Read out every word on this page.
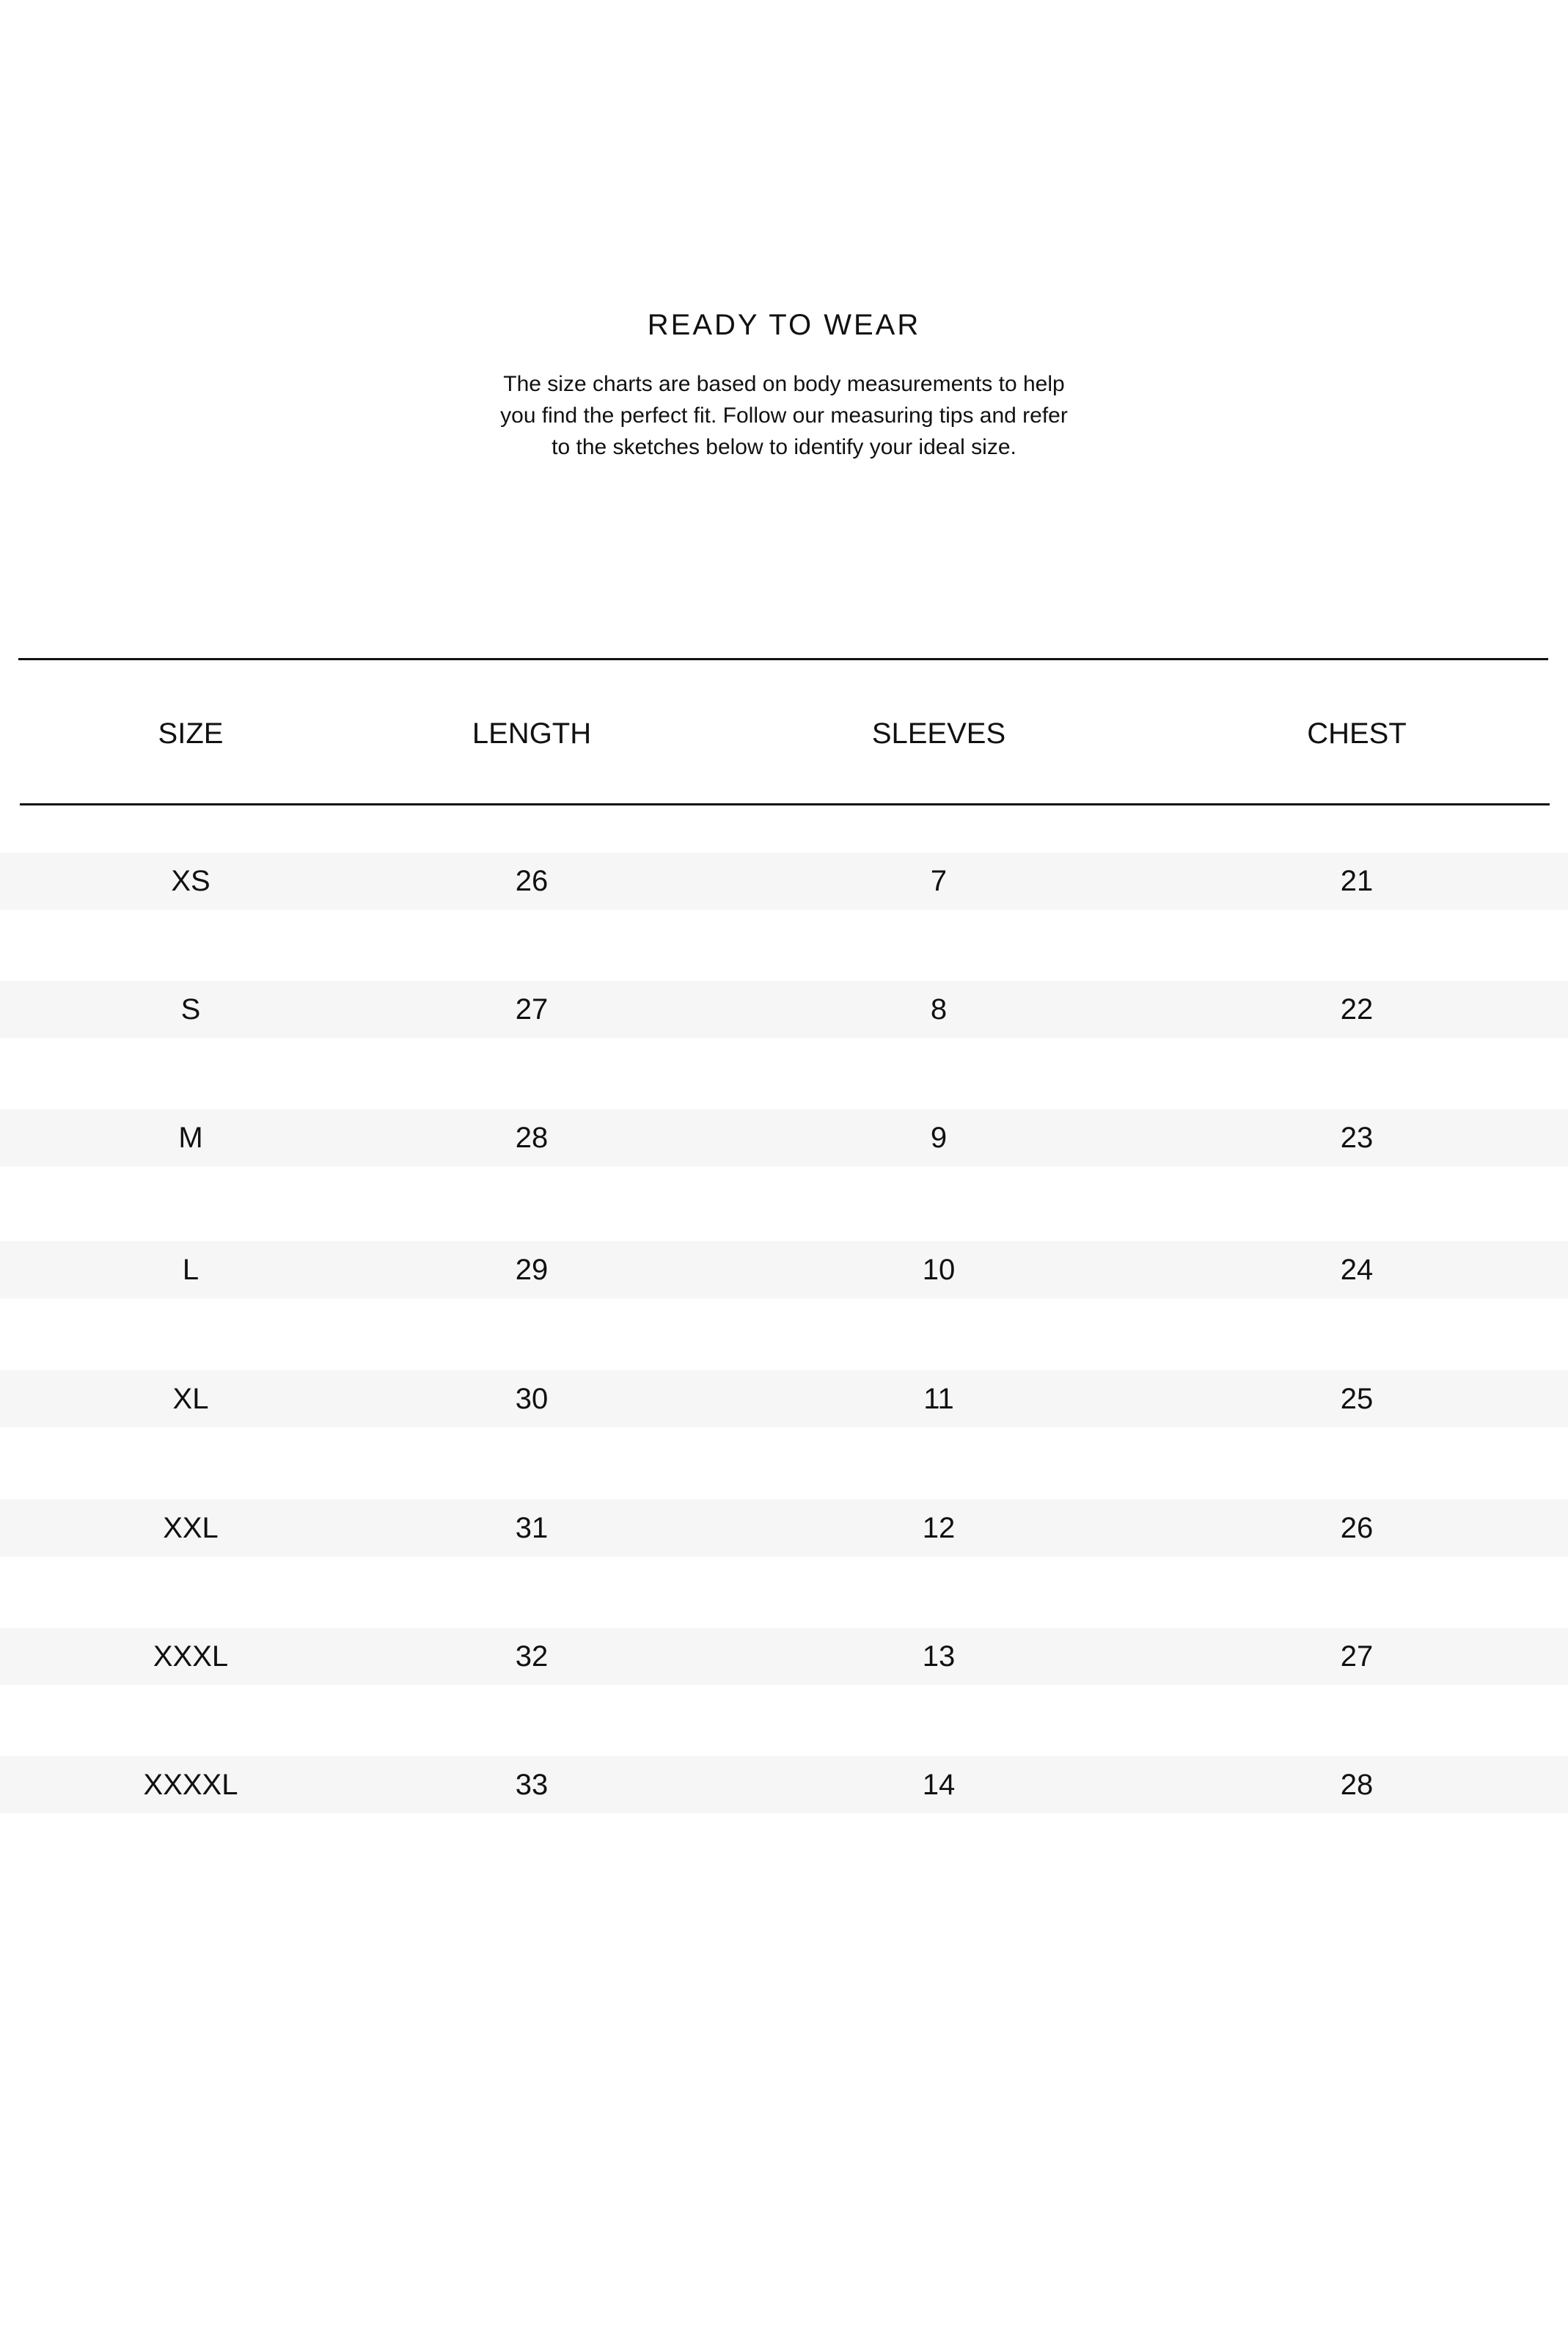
READY TO WEAR
The size charts are based on body measurements to help
you find the perfect fit. Follow our measuring tips and refer
to the sketches below to identify your ideal size.
SIZE	LENGTH	SLEEVES	CHEST
XS	26	7	21
S	27	8	22
M	28	9	23
L	29	10	24
XL	30	11	25
XXL	31	12	26
XXXL	32	13	27
XXXXL	33	14	28
